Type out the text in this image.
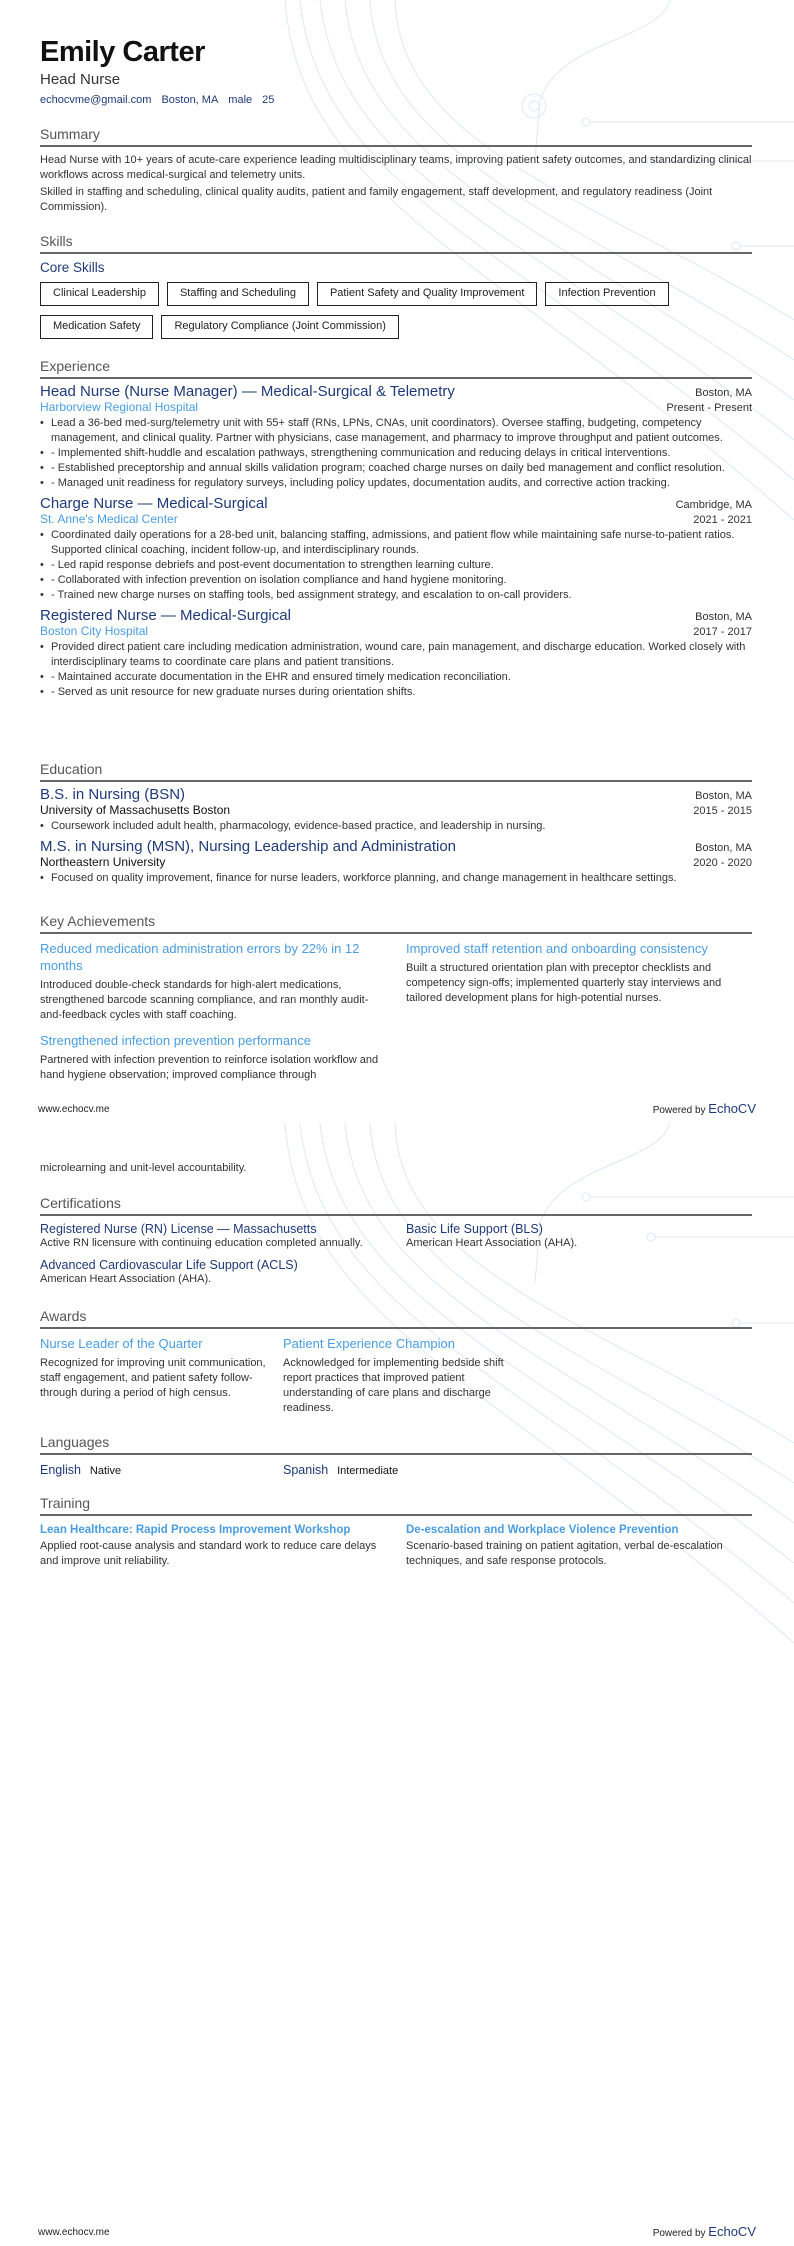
Emily Carter
Head Nurse
echocvme@gmail.com Boston, MA male 25
Summary
Head Nurse with 10+ years of acute-care experience leading multidisciplinary teams, improving patient safety outcomes, and standardizing clinical workflows across medical-surgical and telemetry units.
Skilled in staffing and scheduling, clinical quality audits, patient and family engagement, staff development, and regulatory readiness (Joint Commission).
Skills
Core Skills
Clinical Leadership	Staffing and Scheduling	Patient Safety and Quality Improvement	Infection Prevention
Medication Safety	Regulatory Compliance (Joint Commission)
Experience
Head Nurse (Nurse Manager) — Medical-Surgical & Telemetry	Boston, MA
Harborview Regional Hospital	Present - Present
• Lead a 36-bed med-surg/telemetry unit with 55+ staff (RNs, LPNs, CNAs, unit coordinators). Oversee staffing, budgeting, competency management, and clinical quality. Partner with physicians, case management, and pharmacy to improve throughput and patient outcomes.
• - Implemented shift-huddle and escalation pathways, strengthening communication and reducing delays in critical interventions.
• - Established preceptorship and annual skills validation program; coached charge nurses on daily bed management and conflict resolution.
• - Managed unit readiness for regulatory surveys, including policy updates, documentation audits, and corrective action tracking.
Charge Nurse — Medical-Surgical	Cambridge, MA
St. Anne's Medical Center	2021 - 2021
• Coordinated daily operations for a 28-bed unit, balancing staffing, admissions, and patient flow while maintaining safe nurse-to-patient ratios. Supported clinical coaching, incident follow-up, and interdisciplinary rounds.
• - Led rapid response debriefs and post-event documentation to strengthen learning culture.
• - Collaborated with infection prevention on isolation compliance and hand hygiene monitoring.
• - Trained new charge nurses on staffing tools, bed assignment strategy, and escalation to on-call providers.
Registered Nurse — Medical-Surgical	Boston, MA
Boston City Hospital	2017 - 2017
• Provided direct patient care including medication administration, wound care, pain management, and discharge education. Worked closely with interdisciplinary teams to coordinate care plans and patient transitions.
• - Maintained accurate documentation in the EHR and ensured timely medication reconciliation.
• - Served as unit resource for new graduate nurses during orientation shifts.
Education
B.S. in Nursing (BSN)	Boston, MA
University of Massachusetts Boston	2015 - 2015
• Coursework included adult health, pharmacology, evidence-based practice, and leadership in nursing.
M.S. in Nursing (MSN), Nursing Leadership and Administration	Boston, MA
Northeastern University	2020 - 2020
• Focused on quality improvement, finance for nurse leaders, workforce planning, and change management in healthcare settings.
Key Achievements
Reduced medication administration errors by 22% in 12 months
Introduced double-check standards for high-alert medications, strengthened barcode scanning compliance, and ran monthly audit-and-feedback cycles with staff coaching.
Strengthened infection prevention performance
Partnered with infection prevention to reinforce isolation workflow and hand hygiene observation; improved compliance through
Improved staff retention and onboarding consistency
Built a structured orientation plan with preceptor checklists and competency sign-offs; implemented quarterly stay interviews and tailored development plans for high-potential nurses.
www.echocv.me	Powered by EchoCV
microlearning and unit-level accountability.
Certifications
Registered Nurse (RN) License — Massachusetts
Active RN licensure with continuing education completed annually.
Basic Life Support (BLS)
American Heart Association (AHA).
Advanced Cardiovascular Life Support (ACLS)
American Heart Association (AHA).
Awards
Nurse Leader of the Quarter
Recognized for improving unit communication, staff engagement, and patient safety follow-through during a period of high census.
Patient Experience Champion
Acknowledged for implementing bedside shift report practices that improved patient understanding of care plans and discharge readiness.
Languages
English Native	Spanish Intermediate
Training
Lean Healthcare: Rapid Process Improvement Workshop
Applied root-cause analysis and standard work to reduce care delays and improve unit reliability.
De-escalation and Workplace Violence Prevention
Scenario-based training on patient agitation, verbal de-escalation techniques, and safe response protocols.
www.echocv.me	Powered by EchoCV
